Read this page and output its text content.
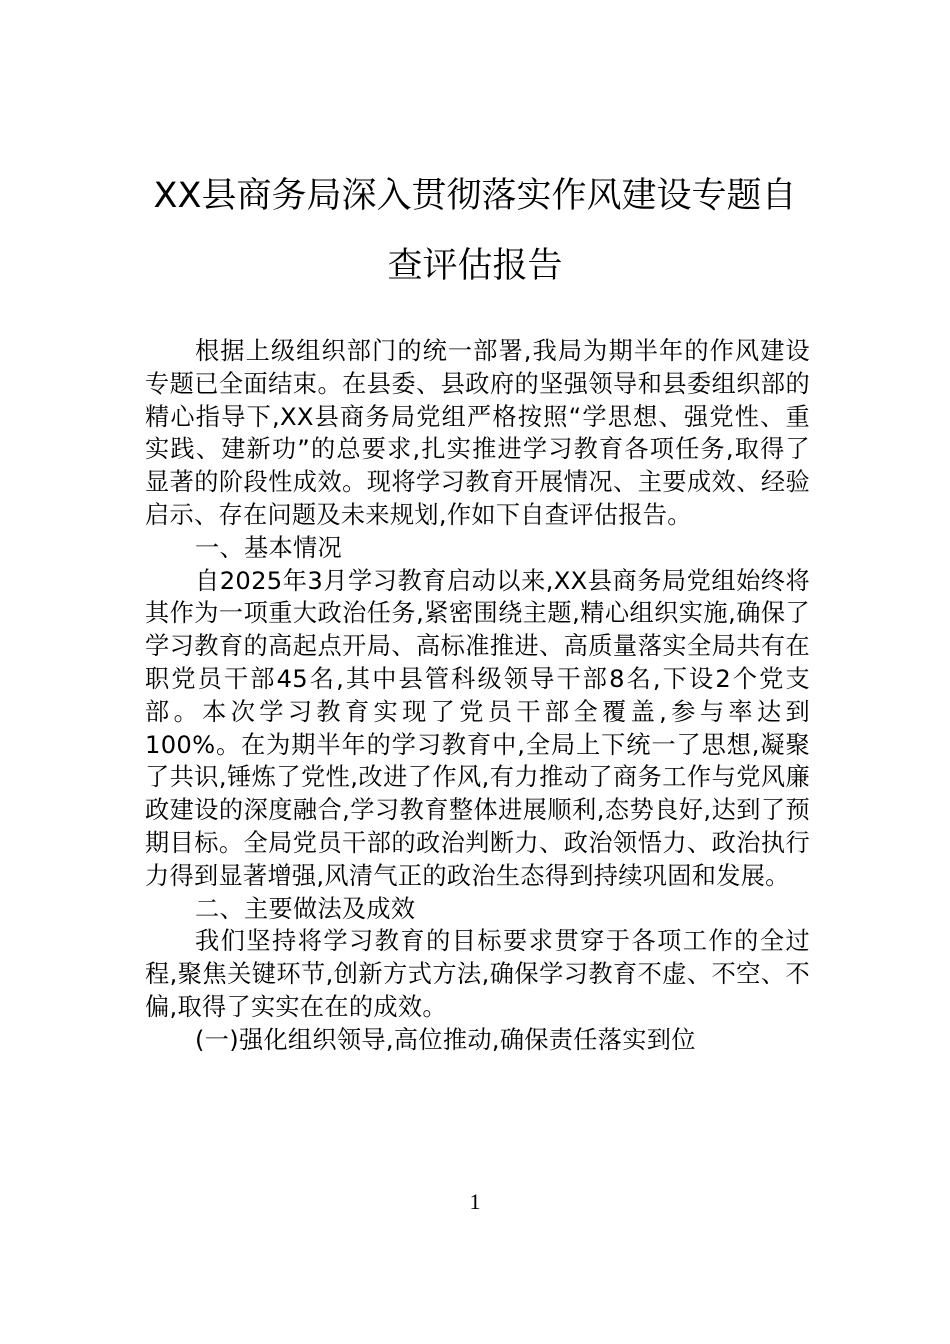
XX县商务局深入贯彻落实作风建设专题自
查评估报告

根据上级组织部门的统一部署,我局为期半年的作风建设专题已全面结束。在县委、县政府的坚强领导和县委组织部的精心指导下,XX县商务局党组严格按照“学思想、强党性、重实践、建新功”的总要求,扎实推进学习教育各项任务,取得了显著的阶段性成效。现将学习教育开展情况、主要成效、经验启示、存在问题及未来规划,作如下自查评估报告。

一、基本情况

自2025年3月学习教育启动以来,XX县商务局党组始终将其作为一项重大政治任务,紧密围绕主题,精心组织实施,确保了学习教育的高起点开局、高标准推进、高质量落实全局共有在职党员干部45名,其中县管科级领导干部8名,下设2个党支部。本次学习教育实现了党员干部全覆盖,参与率达到100%。在为期半年的学习教育中,全局上下统一了思想,凝聚了共识,锤炼了党性,改进了作风,有力推动了商务工作与党风廉政建设的深度融合,学习教育整体进展顺利,态势良好,达到了预期目标。全局党员干部的政治判断力、政治领悟力、政治执行力得到显著增强,风清气正的政治生态得到持续巩固和发展。

二、主要做法及成效

我们坚持将学习教育的目标要求贯穿于各项工作的全过程,聚焦关键环节,创新方式方法,确保学习教育不虚、不空、不偏,取得了实实在在的成效。

(一)强化组织领导,高位推动,确保责任落实到位

1
